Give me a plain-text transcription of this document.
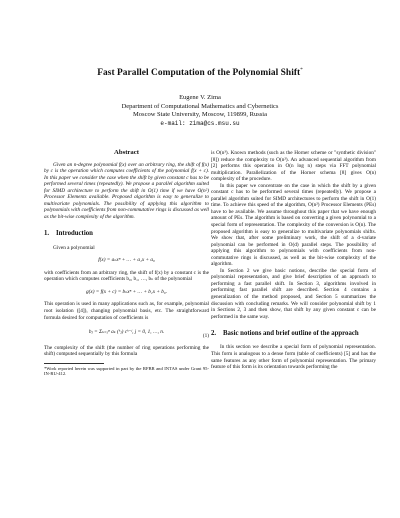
Fast Parallel Computation of the Polynomial Shift*
Eugene V. Zima
Department of Computational Mathematics and Cybernetics
Moscow State University, Moscow, 119899, Russia
e-mail: zima@cs.msu.su
Abstract

Given an n-degree polynomial f(x) over an arbitrary ring, the shift of f(x) by c is the operation which computes coefficients of the polynomial f(x + c). In this paper we consider the case when the shift by given constant c has to be performed several times (repeatedly). We propose a parallel algorithm suited for SIMD architecture to perform the shift in O(1) time if we have O(n²) Processor Elements available. Proposed algorithm is easy to generalize to multivariate polynomials. The possibility of applying this algorithm to polynomials with coefficients from non-commutative rings is discussed as well as the bit-wise complexity of the algorithm.

1. Introduction

Given a polynomial

f(x) = aₙxⁿ + … + a₁x + a₀

with coefficients from an arbitrary ring, the shift of f(x) by a constant c is the operation which computes coefficients b₀, b₁, …, bₙ of the polynomial

g(x) = f(x + c) = bₙxⁿ + … + b₁x + b₀.

This operation is used in many applications such as, for example, polynomial root isolation ([4]), changing polynomial basis, etc. The straightforward formula desired for computation of coefficients is

bⱼ = Σₖ₌ⱼⁿ aₖ (ᵏⱼ) cᵏ⁻ʲ, j = 0, 1, …, n.
(1)

The complexity of the shift (the number of ring operations performing the shift) computed sequentially by this formula

*Work reported herein was supported in part by the RFBR and INTAS under Grant 95-IN-RU-412.

is O(n³). Known methods (such as the Horner scheme or "synthetic division" [8]) reduce the complexity to O(n²). An advanced sequential algorithm from [2] performs this operation in O(n log n) steps via FFT polynomial multiplication. Parallelization of the Horner schema [8] gives O(n) complexity of the procedure.

In this paper we concentrate on the case in which the shift by a given constant c has to be performed several times (repeatedly). We propose a parallel algorithm suited for SIMD architectures to perform the shift in O(1) time. To achieve this speed of the algorithm, O(n²) Processor Elements (PEs) have to be available. We assume throughout this paper that we have enough amount of PEs. The algorithm is based on converting a given polynomial to a special form of representation. The complexity of the conversion is O(n). The proposed algorithm is easy to generalize to multivariate polynomials shifts. We show that, after some preliminary work, the shift of a d-variate polynomial can be performed in O(d) parallel steps. The possibility of applying this algorithm to polynomials with coefficients from non-commutative rings is discussed, as well as the bit-wise complexity of the algorithm.

In Section 2 we give basic notions, describe the special form of polynomial representation, and give brief description of an approach to performing a fast parallel shift. In Section 3, algorithms involved in performing fast parallel shift are described. Section 4 contains a generalization of the method proposed, and Section 5 summarizes the discussion with concluding remarks. We will consider polynomial shift by 1 in Sections 2, 3 and then show, that shift by any given constant c can be performed in the same way.

2. Basic notions and brief outline of the approach

In this section we describe a special form of polynomial representation. This form is analogous to a dense form (table of coefficients) [5] and has the same features as any other form of polynomial representation. The primary feature of this form is its orientation towards performing the
